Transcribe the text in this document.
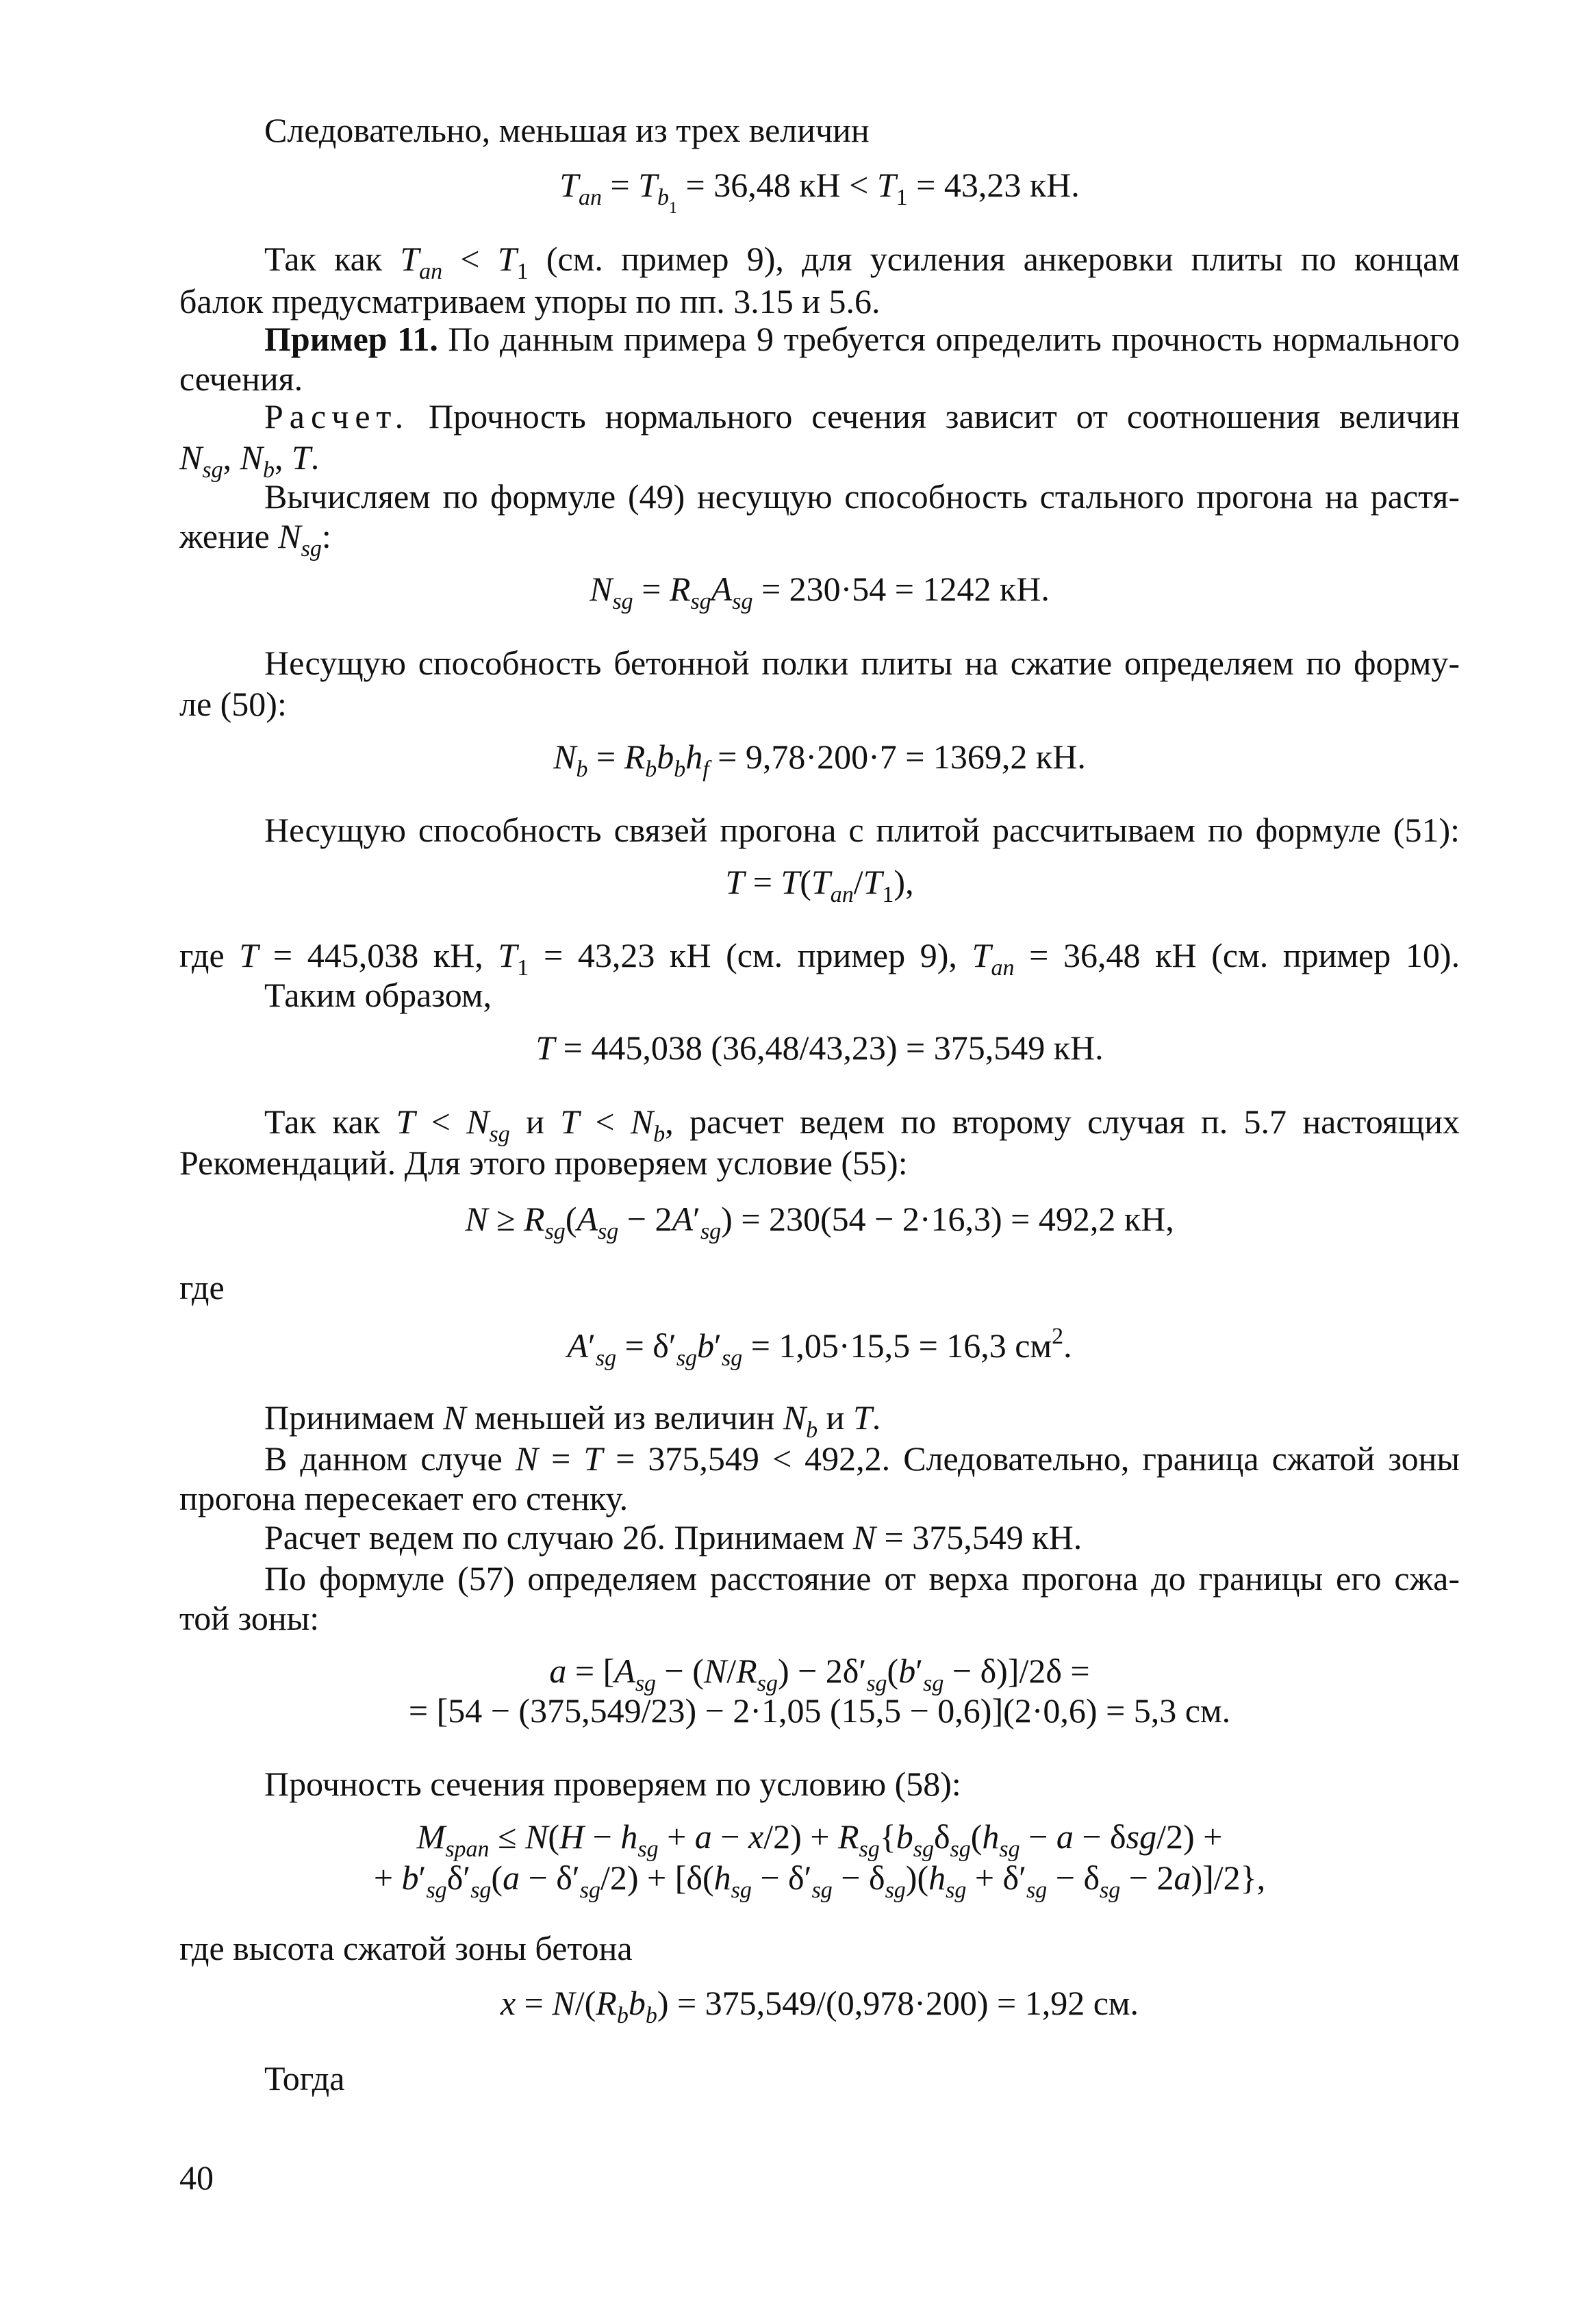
Следовательно, меньшая из трех величин
$T_{an} = T_{b_1} = 36,48$ кН < $T_1 = 43,23$ кН.
Так как $T_{an} < T_1$ (см. пример 9), для усиления анкеровки плиты по концам
балок предусматриваем упоры по пп. 3.15 и 5.6.
Пример 11. По данным примера 9 требуется определить прочность нормального
сечения.
Расчет. Прочность нормального сечения зависит от соотношения величин
$N_{sg}$, $N_b$, T.
Вычисляем по формуле (49) несущую способность стального прогона на растя-
жение $N_{sg}$:
$N_{sg} = R_{sg}A_{sg} = 230\cdot 54 = 1242$ кН.
Несущую способность бетонной полки плиты на сжатие определяем по форму-
ле (50):
$N_b = R_bb_bh_f = 9,78\cdot 200\cdot 7 = 1369,2$ кН.
Несущую способность связей прогона с плитой рассчитываем по формуле (51):
$T = T(T_{an}/T_1)$,
где T = 445,038 кН, $T_1 = 43,23$ кН (см. пример 9), $T_{an} = 36,48$ кН (см. пример 10).
Таким образом,
T = 445,038 (36,48/43,23) = 375,549 кН.
Так как $T < N_{sg}$ и $T < N_b$, расчет ведем по второму случая п. 5.7 настоящих
Рекомендаций. Для этого проверяем условие (55):
$N \ge R_{sg}(A_{sg} - 2A'_{sg}) = 230(54 - 2\cdot 16,3) = 492,2$ кН,
где
$A'_{sg} = \delta'_{sg}b'_{sg} = 1,05\cdot 15,5 = 16,3$ $см^2$.
Принимаем N меньшей из величин $N_b$ и T.
В данном случе N = T = 375,549 < 492,2. Следовательно, граница сжатой зоны
прогона пересекает его стенку.
Расчет ведем по случаю 2б. Принимаем N = 375,549 кН.
По формуле (57) определяем расстояние от верха прогона до границы его сжа-
той зоны:
$a = [A_{sg} - (N/R_{sg}) - 2\delta'_{sg}(b'_{sg} - \delta)]/2\delta$ =
= [54 − (375,549/23) − 2·1,05 (15,5 − 0,6)](2·0,6) = 5,3 см.
Прочность сечения проверяем по условию (58):
$M_{span} \le N(H - h_{sg} + a - x/2) + R_{sg}\{b_{sg}\delta_{sg}(h_{sg} - a - \delta sg/2)$ +
+ $b'_{sg}\delta'_{sg}(a - \delta'_{sg}/2) + [\delta(h_{sg} - \delta'_{sg} - \delta_{sg})(h_{sg} + \delta'_{sg} - \delta_{sg} - 2a)]/2$},
где высота сжатой зоны бетона
$x = N/(R_bb_b) = 375,549/(0,978\cdot 200) = 1,92$ см.
Тогда
40
